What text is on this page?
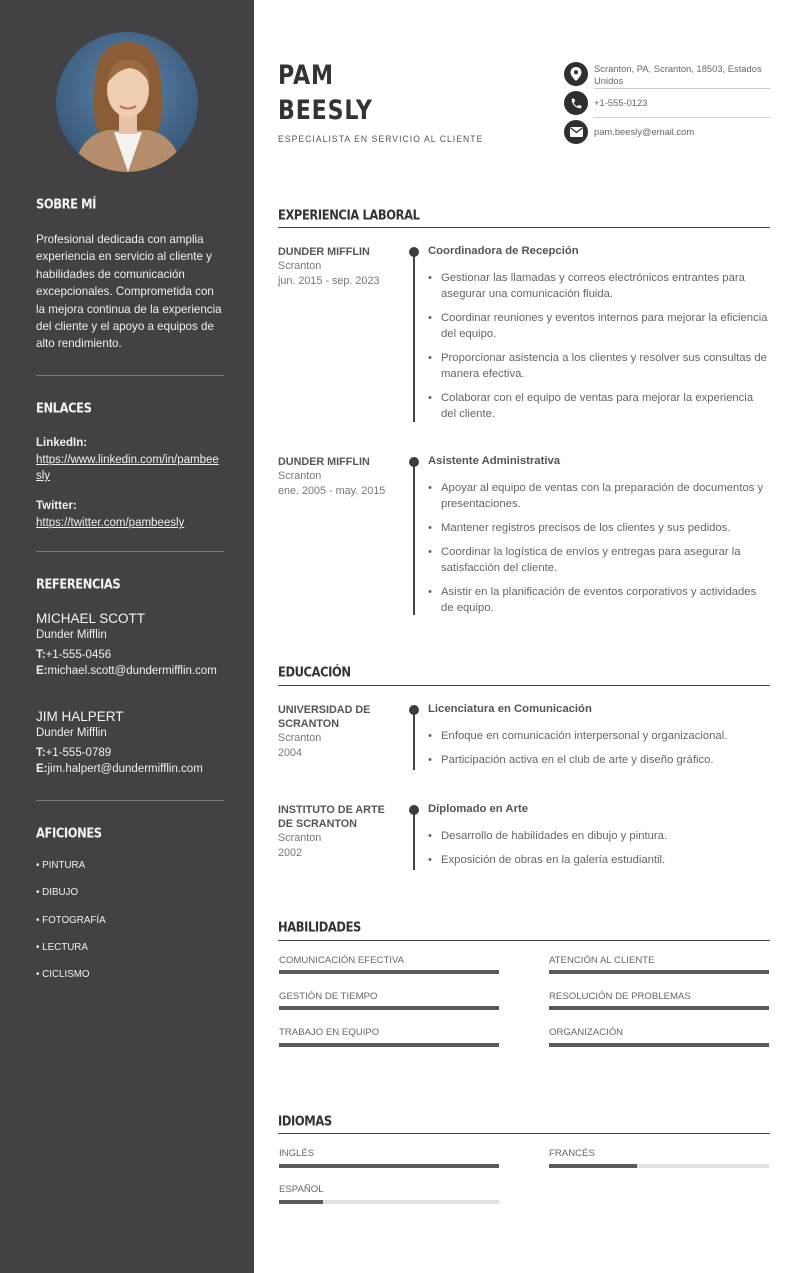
SOBRE MÍ
Profesional dedicada con amplia experiencia en servicio al cliente y habilidades de comunicación excepcionales. Comprometida con la mejora continua de la experiencia del cliente y el apoyo a equipos de alto rendimiento.
ENLACES
LinkedIn:
https://www.linkedin.com/in/pambeesly
Twitter:
https://twitter.com/pambeesly
REFERENCIAS
MICHAEL SCOTT
Dunder Mifflin
T:+1-555-0456
E:michael.scott@dundermifflin.com
JIM HALPERT
Dunder Mifflin
T:+1-555-0789
E:jim.halpert@dundermifflin.com
AFICIONES
• PINTURA
• DIBUJO
• FOTOGRAFÍA
• LECTURA
• CICLISMO
PAM
BEESLY
ESPECIALISTA EN SERVICIO AL CLIENTE
Scranton, PA, Scranton, 18503, Estados Unidos
+1-555-0123
pam.beesly@email.com
EXPERIENCIA LABORAL
DUNDER MIFFLIN
Scranton
jun. 2015 - sep. 2023
Coordinadora de Recepción
• Gestionar las llamadas y correos electrónicos entrantes para asegurar una comunicación fluida.
• Coordinar reuniones y eventos internos para mejorar la eficiencia del equipo.
• Proporcionar asistencia a los clientes y resolver sus consultas de manera efectiva.
• Colaborar con el equipo de ventas para mejorar la experiencia del cliente.
DUNDER MIFFLIN
Scranton
ene. 2005 - may. 2015
Asistente Administrativa
• Apoyar al equipo de ventas con la preparación de documentos y presentaciones.
• Mantener registros precisos de los clientes y sus pedidos.
• Coordinar la logística de envíos y entregas para asegurar la satisfacción del cliente.
• Asistir en la planificación de eventos corporativos y actividades de equipo.
EDUCACIÓN
UNIVERSIDAD DE SCRANTON
Scranton
2004
Licenciatura en Comunicación
• Enfoque en comunicación interpersonal y organizacional.
• Participación activa en el club de arte y diseño gráfico.
INSTITUTO DE ARTE DE SCRANTON
Scranton
2002
Diplomado en Arte
• Desarrollo de habilidades en dibujo y pintura.
• Exposición de obras en la galería estudiantil.
HABILIDADES
COMUNICACIÓN EFECTIVA	ATENCIÓN AL CLIENTE
GESTIÓN DE TIEMPO	RESOLUCIÓN DE PROBLEMAS
TRABAJO EN EQUIPO	ORGANIZACIÓN
IDIOMAS
INGLÉS	FRANCÉS
ESPAÑOL
